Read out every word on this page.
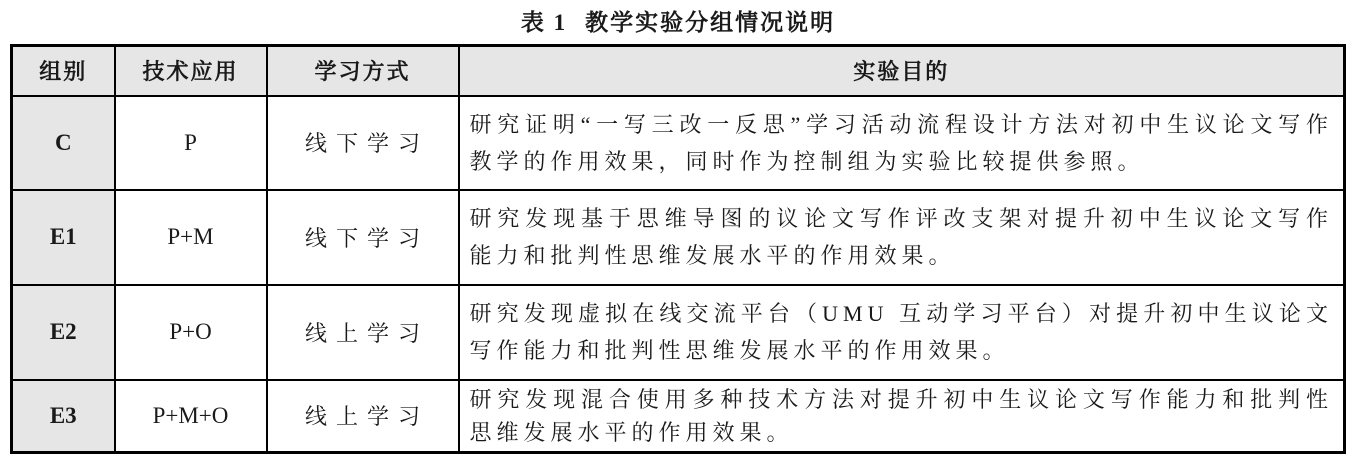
表 1 教学实验分组情况说明
组别	技术应用	学习方式	实验目的
C	P	线下学习	研究证明“一写三改一反思”学习活动流程设计方法对初中生议论文写作教学的作用效果，同时作为控制组为实验比较提供参照。
E1	P+M	线下学习	研究发现基于思维导图的议论文写作评改支架对提升初中生议论文写作能力和批判性思维发展水平的作用效果。
E2	P+O	线上学习	研究发现虚拟在线交流平台（UMU 互动学习平台）对提升初中生议论文写作能力和批判性思维发展水平的作用效果。
E3	P+M+O	线上学习	研究发现混合使用多种技术方法对提升初中生议论文写作能力和批判性思维发展水平的作用效果。
